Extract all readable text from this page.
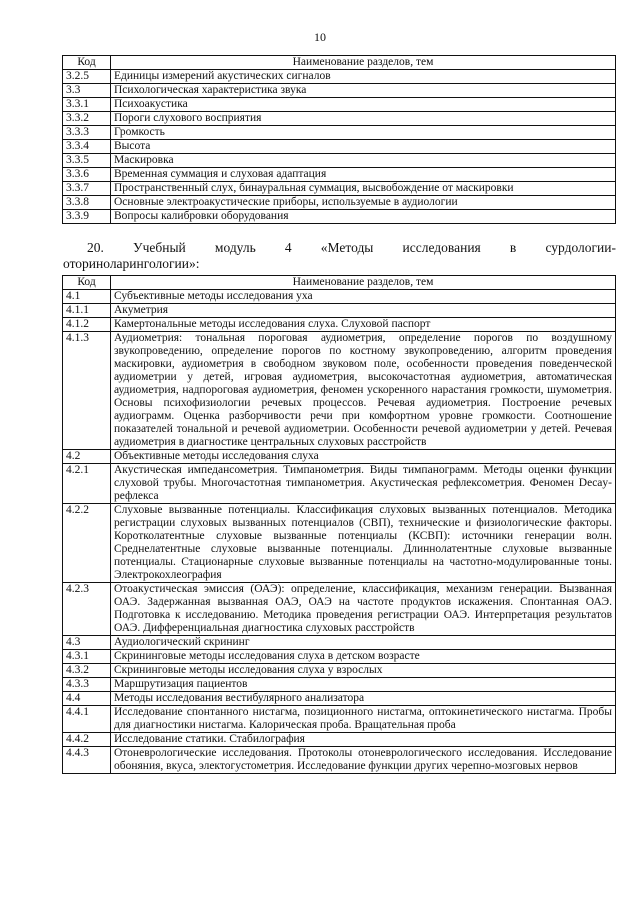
10
Код	Наименование разделов, тем
3.2.5	Единицы измерений акустических сигналов
3.3	Психологическая характеристика звука
3.3.1	Психоакустика
3.3.2	Пороги слухового восприятия
3.3.3	Громкость
3.3.4	Высота
3.3.5	Маскировка
3.3.6	Временная суммация и слуховая адаптация
3.3.7	Пространственный слух, бинауральная суммация, высвобождение от маскировки
3.3.8	Основные электроакустические приборы, используемые в аудиологии
3.3.9	Вопросы калибровки оборудования
20. Учебный модуль 4 «Методы исследования в сурдологии-
оториноларингологии»:
Код	Наименование разделов, тем
4.1	Субъективные методы исследования уха
4.1.1	Акуметрия
4.1.2	Камертональные методы исследования слуха. Слуховой паспорт
4.1.3	Аудиометрия: тональная пороговая аудиометрия, определение порогов по воздушному звукопроведению, определение порогов по костному звукопроведению, алгоритм проведения маскировки, аудиометрия в свободном звуковом поле, особенности проведения поведенческой аудиометрии у детей, игровая аудиометрия, высокочастотная аудиометрия, автоматическая аудиометрия, надпороговая аудиометрия, феномен ускоренного нарастания громкости, шумометрия. Основы психофизиологии речевых процессов. Речевая аудиометрия. Построение речевых аудиограмм. Оценка разборчивости речи при комфортном уровне громкости. Соотношение показателей тональной и речевой аудиометрии. Особенности речевой аудиометрии у детей. Речевая аудиометрия в диагностике центральных слуховых расстройств
4.2	Объективные методы исследования слуха
4.2.1	Акустическая импедансометрия. Тимпанометрия. Виды тимпанограмм. Методы оценки функции слуховой трубы. Многочастотная тимпанометрия. Акустическая рефлексометрия. Феномен Decay-рефлекса
4.2.2	Слуховые вызванные потенциалы. Классификация слуховых вызванных потенциалов. Методика регистрации слуховых вызванных потенциалов (СВП), технические и физиологические факторы. Коротколатентные слуховые вызванные потенциалы (КСВП): источники генерации волн. Среднелатентные слуховые вызванные потенциалы. Длиннолатентные слуховые вызванные потенциалы. Стационарные слуховые вызванные потенциалы на частотно-модулированные тоны. Электрокохлеография
4.2.3	Отоакустическая эмиссия (ОАЭ): определение, классификация, механизм генерации. Вызванная ОАЭ. Задержанная вызванная ОАЭ, ОАЭ на частоте продуктов искажения. Спонтанная ОАЭ. Подготовка к исследованию. Методика проведения регистрации ОАЭ. Интерпретация результатов ОАЭ. Дифференциальная диагностика слуховых расстройств
4.3	Аудиологический скрининг
4.3.1	Скрининговые методы исследования слуха в детском возрасте
4.3.2	Скрининговые методы исследования слуха у взрослых
4.3.3	Маршрутизация пациентов
4.4	Методы исследования вестибулярного анализатора
4.4.1	Исследование спонтанного нистагма, позиционного нистагма, оптокинетического нистагма. Пробы для диагностики нистагма. Калорическая проба. Вращательная проба
4.4.2	Исследование статики. Стабилография
4.4.3	Отоневрологические исследования. Протоколы отоневрологического исследования. Исследование обоняния, вкуса, электогустометрия. Исследование функции других черепно-мозговых нервов
